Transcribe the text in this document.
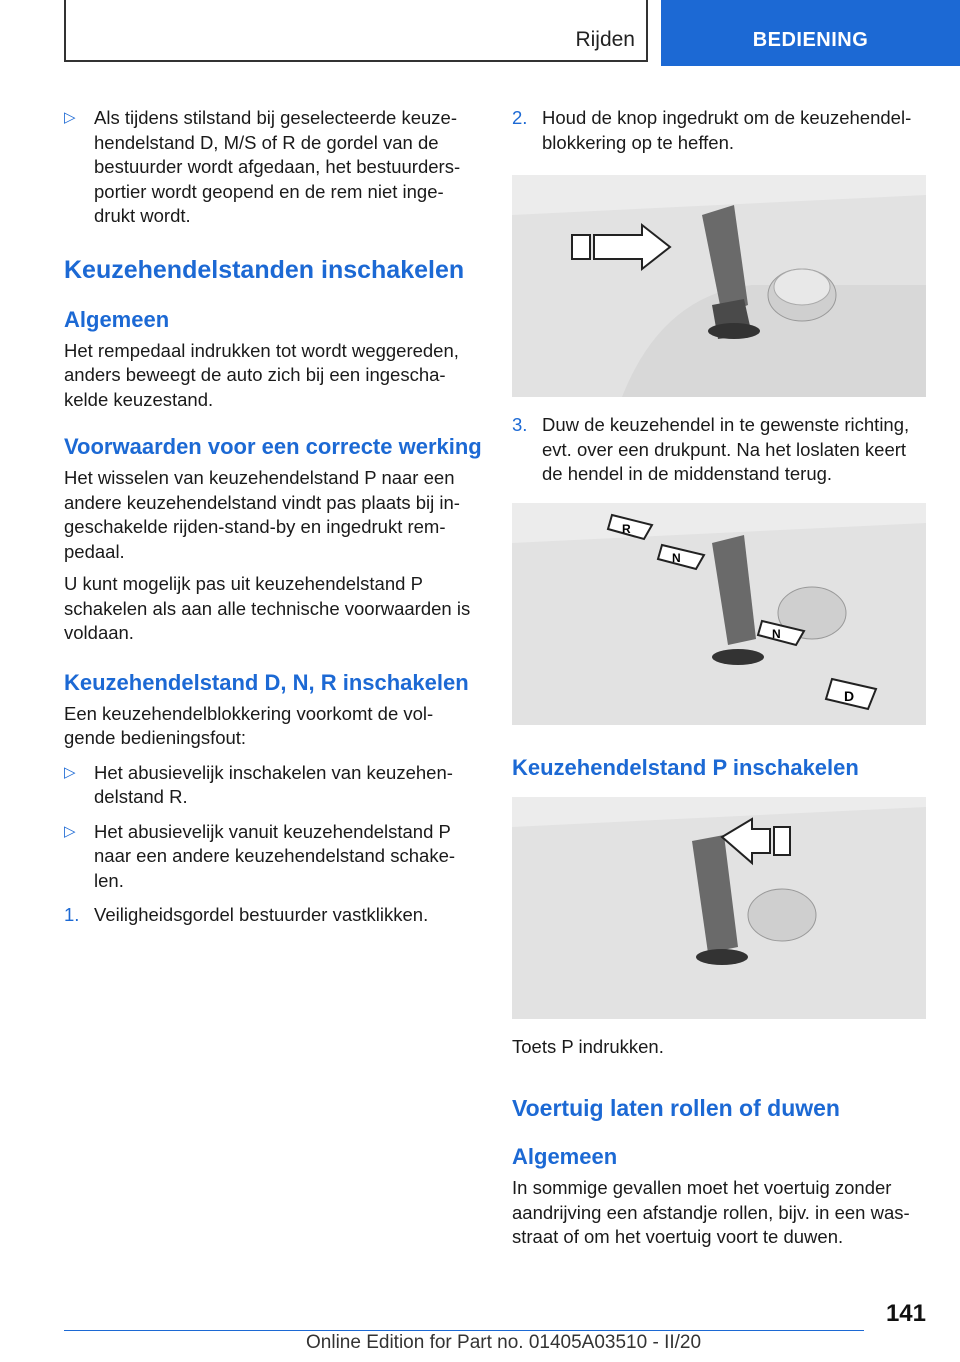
Rijden	BEDIENING
▷ Als tijdens stilstand bij geselecteerde keuze-hendelstand D, M/S of R de gordel van de bestuurder wordt afgedaan, het bestuurders-portier wordt geopend en de rem niet inge-drukt wordt.
Keuzehendelstanden inschakelen
Algemeen

Het rempedaal indrukken tot wordt weggereden, anders beweegt de auto zich bij een ingescha-kelde keuzestand.

Voorwaarden voor een correcte werking

Het wisselen van keuzehendelstand P naar een andere keuzehendelstand vindt pas plaats bij in-geschakelde rijden-stand-by en ingedrukt rem-pedaal.

U kunt mogelijk pas uit keuzehendelstand P schakelen als aan alle technische voorwaarden is voldaan.

Keuzehendelstand D, N, R inschakelen

Een keuzehendelblokkering voorkomt de vol-gende bedieningsfout:

▷ Het abusievelijk inschakelen van keuzehen-delstand R.
▷ Het abusievelijk vanuit keuzehendelstand P naar een andere keuzehendelstand schake-len.
1. Veiligheidsgordel bestuurder vastklikken.
2. Houd de knop ingedrukt om de keuzehendel-blokkering op te heffen.
3. Duw de keuzehendel in te gewenste richting, evt. over een drukpunt. Na het loslaten keert de hendel in de middenstand terug.
R
N
N
D
Keuzehendelstand P inschakelen

Toets P indrukken.

Voertuig laten rollen of duwen
Algemeen

In sommige gevallen moet het voertuig zonder aandrijving een afstandje rollen, bijv. in een was-straat of om het voertuig voort te duwen.

141
Online Edition for Part no. 01405A03510 - II/20
